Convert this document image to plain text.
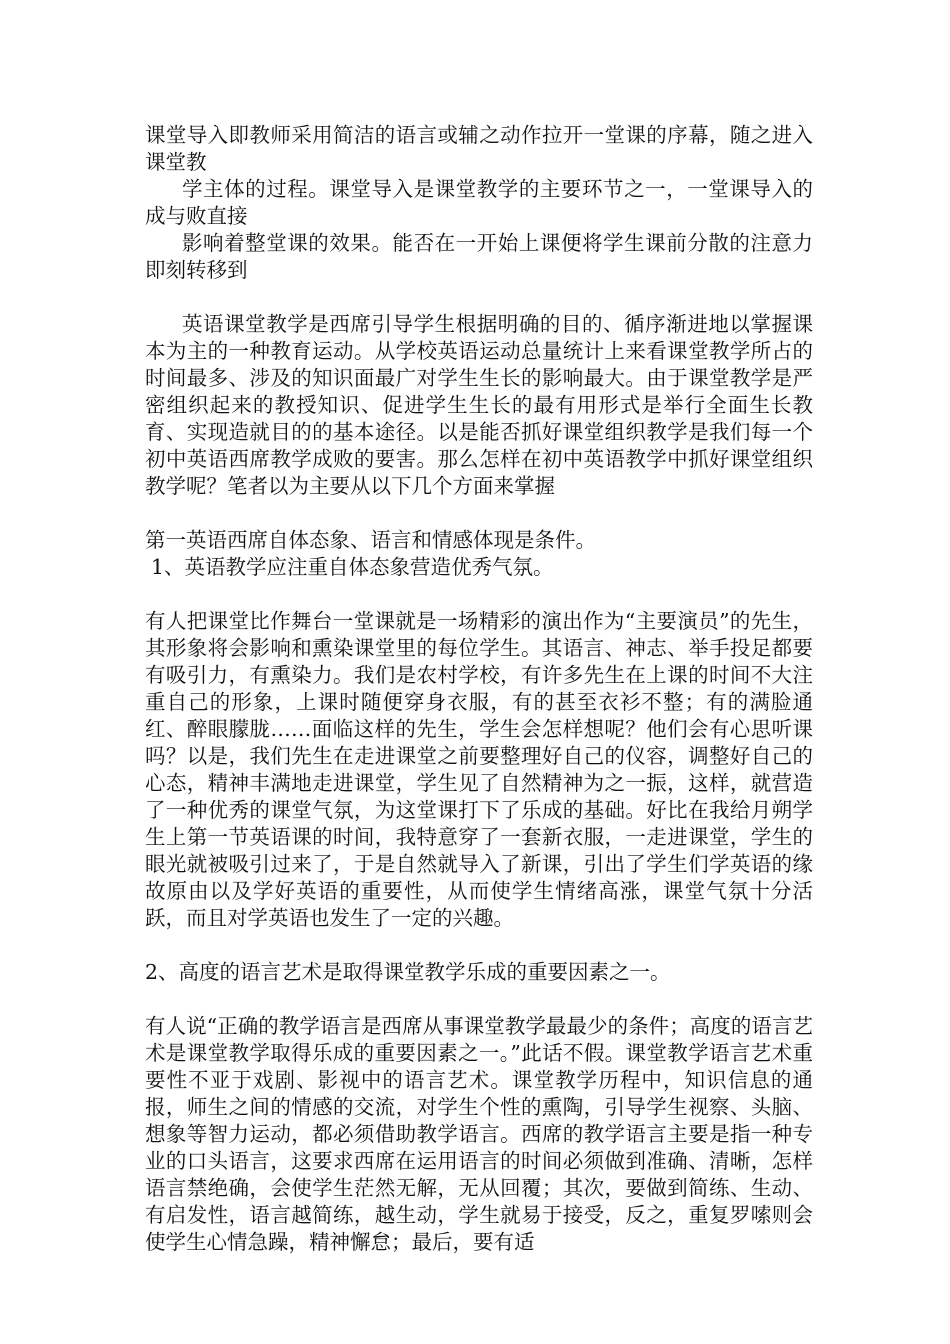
课堂导入即教师采用简洁的语言或辅之动作拉开一堂课的序幕，随之进入课堂教

学主体的过程。课堂导入是课堂教学的主要环节之一，一堂课导入的成与败直接

影响着整堂课的效果。能否在一开始上课便将学生课前分散的注意力即刻转移到

英语课堂教学是西席引导学生根据明确的目的、循序渐进地以掌握课本为主的一种教育运动。从学校英语运动总量统计上来看课堂教学所占的时间最多、涉及的知识面最广对学生生长的影响最大。由于课堂教学是严密组织起来的教授知识、促进学生生长的最有用形式是举行全面生长教育、实现造就目的的基本途径。以是能否抓好课堂组织教学是我们每一个初中英语西席教学成败的要害。那么怎样在初中英语教学中抓好课堂组织教学呢？笔者以为主要从以下几个方面来掌握

第一英语西席自体态象、语言和情感体现是条件。

1、英语教学应注重自体态象营造优秀气氛。

有人把课堂比作舞台一堂课就是一场精彩的演出作为“主要演员”的先生，其形象将会影响和熏染课堂里的每位学生。其语言、神志、举手投足都要有吸引力，有熏染力。我们是农村学校，有许多先生在上课的时间不大注重自己的形象，上课时随便穿身衣服，有的甚至衣衫不整；有的满脸通红、醉眼朦胧……面临这样的先生，学生会怎样想呢？他们会有心思听课吗？以是，我们先生在走进课堂之前要整理好自己的仪容，调整好自己的心态，精神丰满地走进课堂，学生见了自然精神为之一振，这样，就营造了一种优秀的课堂气氛，为这堂课打下了乐成的基础。好比在我给月朔学生上第一节英语课的时间，我特意穿了一套新衣服，一走进课堂，学生的眼光就被吸引过来了，于是自然就导入了新课，引出了学生们学英语的缘故原由以及学好英语的重要性，从而使学生情绪高涨，课堂气氛十分活跃，而且对学英语也发生了一定的兴趣。

2、高度的语言艺术是取得课堂教学乐成的重要因素之一。

有人说“正确的教学语言是西席从事课堂教学最最少的条件；高度的语言艺术是课堂教学取得乐成的重要因素之一。”此话不假。课堂教学语言艺术重要性不亚于戏剧、影视中的语言艺术。课堂教学历程中，知识信息的通报，师生之间的情感的交流，对学生个性的熏陶，引导学生视察、头脑、想象等智力运动，都必须借助教学语言。西席的教学语言主要是指一种专业的口头语言，这要求西席在运用语言的时间必须做到准确、清晰，怎样语言禁绝确，会使学生茫然无解，无从回覆；其次，要做到简练、生动、有启发性，语言越简练，越生动，学生就易于接受，反之，重复罗嗦则会使学生心情急躁，精神懈怠；最后，要有适
